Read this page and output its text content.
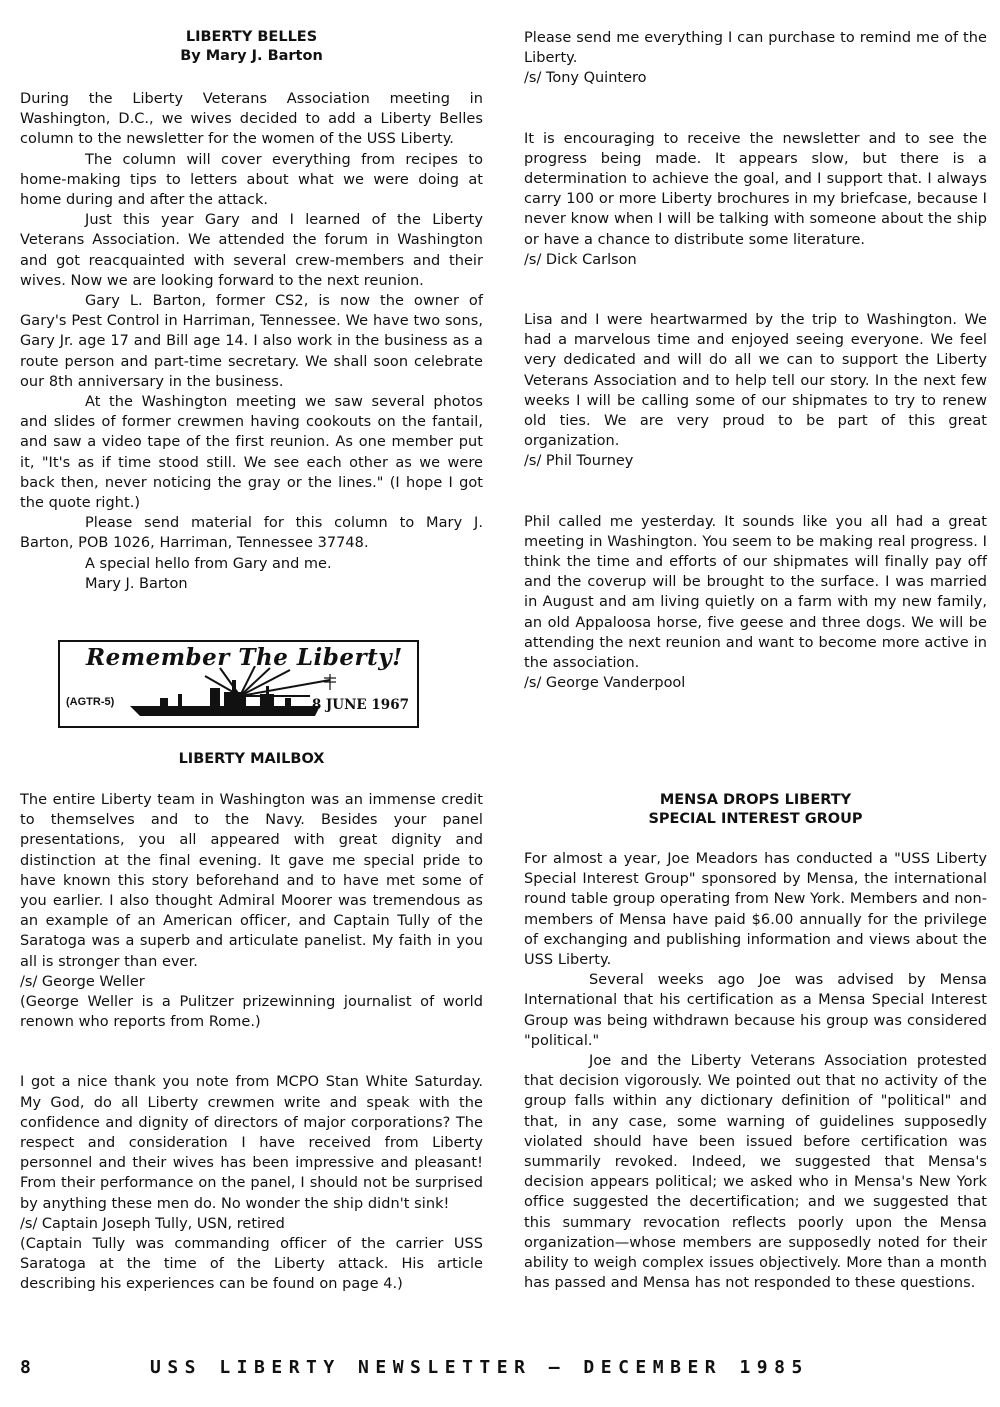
LIBERTY BELLES
By Mary J. Barton

During the Liberty Veterans Association meeting in Washington, D.C., we wives decided to add a Liberty Belles column to the newsletter for the women of the USS Liberty.

The column will cover everything from recipes to home-making tips to letters about what we were doing at home during and after the attack.

Just this year Gary and I learned of the Liberty Veterans Association. We attended the forum in Washington and got reacquainted with several crew-members and their wives. Now we are looking forward to the next reunion.

Gary L. Barton, former CS2, is now the owner of Gary's Pest Control in Harriman, Tennessee. We have two sons, Gary Jr. age 17 and Bill age 14. I also work in the business as a route person and part-time secretary. We shall soon celebrate our 8th anniversary in the business.

At the Washington meeting we saw several photos and slides of former crewmen having cookouts on the fantail, and saw a video tape of the first reunion. As one member put it, "It's as if time stood still. We see each other as we were back then, never noticing the gray or the lines." (I hope I got the quote right.)

Please send material for this column to Mary J. Barton, POB 1026, Harriman, Tennessee 37748.

A special hello from Gary and me.
Mary J. Barton
Remember The Liberty!
(AGTR-5)	8 JUNE 1967
LIBERTY MAILBOX

The entire Liberty team in Washington was an immense credit to themselves and to the Navy. Besides your panel presentations, you all appeared with great dignity and distinction at the final evening. It gave me special pride to have known this story beforehand and to have met some of you earlier. I also thought Admiral Moorer was tremendous as an example of an American officer, and Captain Tully of the Saratoga was a superb and articulate panelist. My faith in you all is stronger than ever.

/s/ George Weller

(George Weller is a Pulitzer prizewinning journalist of world renown who reports from Rome.)

I got a nice thank you note from MCPO Stan White Saturday. My God, do all Liberty crewmen write and speak with the confidence and dignity of directors of major corporations? The respect and consideration I have received from Liberty personnel and their wives has been impressive and pleasant! From their performance on the panel, I should not be surprised by anything these men do. No wonder the ship didn't sink!

/s/ Captain Joseph Tully, USN, retired

(Captain Tully was commanding officer of the carrier USS Saratoga at the time of the Liberty attack. His article describing his experiences can be found on page 4.)

Please send me everything I can purchase to remind me of the Liberty.

/s/ Tony Quintero

It is encouraging to receive the newsletter and to see the progress being made. It appears slow, but there is a determination to achieve the goal, and I support that. I always carry 100 or more Liberty brochures in my briefcase, because I never know when I will be talking with someone about the ship or have a chance to distribute some literature.

/s/ Dick Carlson

Lisa and I were heartwarmed by the trip to Washington. We had a marvelous time and enjoyed seeing everyone. We feel very dedicated and will do all we can to support the Liberty Veterans Association and to help tell our story. In the next few weeks I will be calling some of our shipmates to try to renew old ties. We are very proud to be part of this great organization.

/s/ Phil Tourney

Phil called me yesterday. It sounds like you all had a great meeting in Washington. You seem to be making real progress. I think the time and efforts of our shipmates will finally pay off and the coverup will be brought to the surface. I was married in August and am living quietly on a farm with my new family, an old Appaloosa horse, five geese and three dogs. We will be attending the next reunion and want to become more active in the association.

/s/ George Vanderpool
MENSA DROPS LIBERTY
SPECIAL INTEREST GROUP

For almost a year, Joe Meadors has conducted a "USS Liberty Special Interest Group" sponsored by Mensa, the international round table group operating from New York. Members and non-members of Mensa have paid $6.00 annually for the privilege of exchanging and publishing information and views about the USS Liberty.

Several weeks ago Joe was advised by Mensa International that his certification as a Mensa Special Interest Group was being withdrawn because his group was considered "political."

Joe and the Liberty Veterans Association protested that decision vigorously. We pointed out that no activity of the group falls within any dictionary definition of "political" and that, in any case, some warning of guidelines supposedly violated should have been issued before certification was summarily revoked. Indeed, we suggested that Mensa's decision appears political; we asked who in Mensa's New York office suggested the decertification; and we suggested that this summary revocation reflects poorly upon the Mensa organization—whose members are supposedly noted for their ability to weigh complex issues objectively. More than a month has passed and Mensa has not responded to these questions.

8	USS LIBERTY NEWSLETTER – DECEMBER 1985
